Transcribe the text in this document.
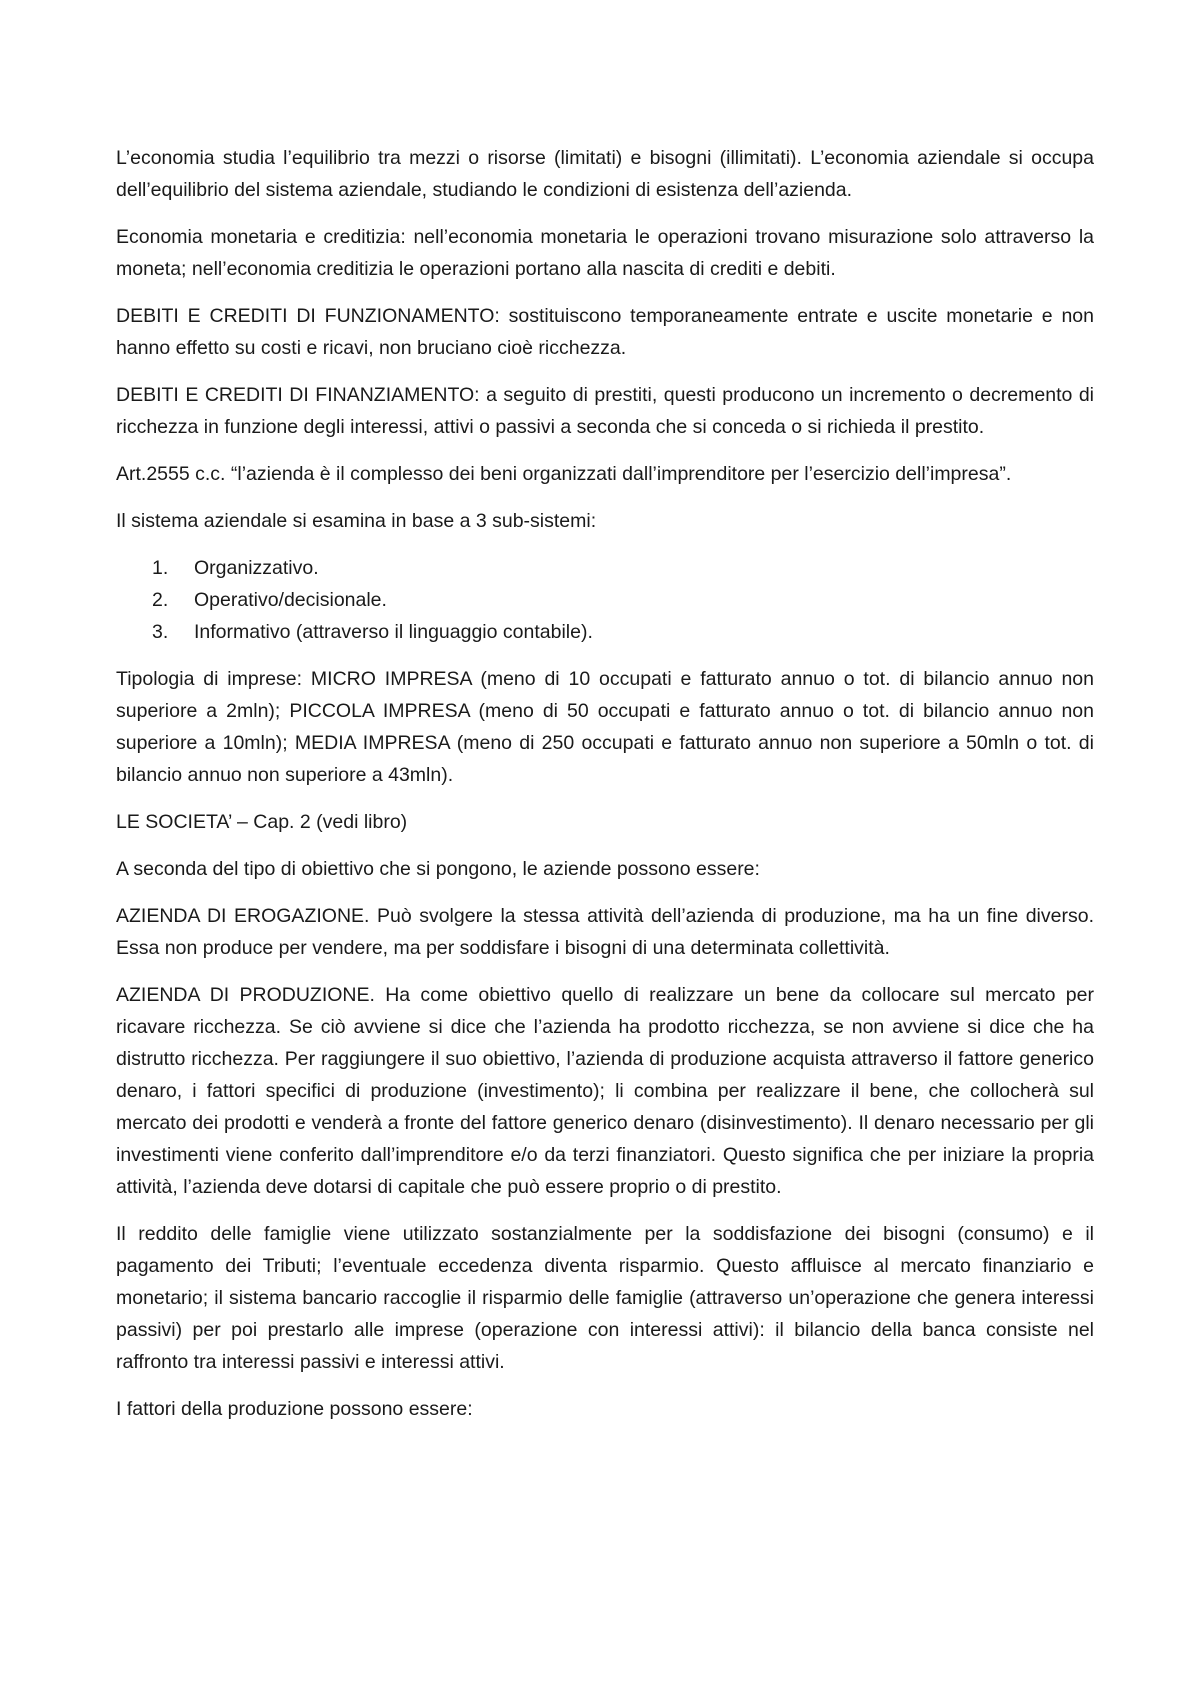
L’economia studia l’equilibrio tra mezzi o risorse (limitati) e bisogni (illimitati). L’economia aziendale si occupa dell’equilibrio del sistema aziendale, studiando le condizioni di esistenza dell’azienda.

Economia monetaria e creditizia: nell’economia monetaria le operazioni trovano misurazione solo attraverso la moneta; nell’economia creditizia le operazioni portano alla nascita di crediti e debiti.

DEBITI E CREDITI DI FUNZIONAMENTO: sostituiscono temporaneamente entrate e uscite monetarie e non hanno effetto su costi e ricavi, non bruciano cioè ricchezza.

DEBITI E CREDITI DI FINANZIAMENTO: a seguito di prestiti, questi producono un incremento o decremento di ricchezza in funzione degli interessi, attivi o passivi a seconda che si conceda o si richieda il prestito.

Art.2555 c.c. “l’azienda è il complesso dei beni organizzati dall’imprenditore per l’esercizio dell’impresa”.

Il sistema aziendale si esamina in base a 3 sub-sistemi:

1.	Organizzativo.
2.	Operativo/decisionale.
3.	Informativo (attraverso il linguaggio contabile).

Tipologia di imprese: MICRO IMPRESA (meno di 10 occupati e fatturato annuo o tot. di bilancio annuo non superiore a 2mln); PICCOLA IMPRESA (meno di 50 occupati e fatturato annuo o tot. di bilancio annuo non superiore a 10mln); MEDIA IMPRESA (meno di 250 occupati e fatturato annuo non superiore a 50mln o tot. di bilancio annuo non superiore a 43mln).

LE SOCIETA’ – Cap. 2 (vedi libro)

A seconda del tipo di obiettivo che si pongono, le aziende possono essere:

AZIENDA DI EROGAZIONE. Può svolgere la stessa attività dell’azienda di produzione, ma ha un fine diverso. Essa non produce per vendere, ma per soddisfare i bisogni di una determinata collettività.

AZIENDA DI PRODUZIONE. Ha come obiettivo quello di realizzare un bene da collocare sul mercato per ricavare ricchezza. Se ciò avviene si dice che l’azienda ha prodotto ricchezza, se non avviene si dice che ha distrutto ricchezza. Per raggiungere il suo obiettivo, l’azienda di produzione acquista attraverso il fattore generico denaro, i fattori specifici di produzione (investimento); li combina per realizzare il bene, che collocherà sul mercato dei prodotti e venderà a fronte del fattore generico denaro (disinvestimento). Il denaro necessario per gli investimenti viene conferito dall’imprenditore e/o da terzi finanziatori. Questo significa che per iniziare la propria attività, l’azienda deve dotarsi di capitale che può essere proprio o di prestito.

Il reddito delle famiglie viene utilizzato sostanzialmente per la soddisfazione dei bisogni (consumo) e il pagamento dei Tributi; l’eventuale eccedenza diventa risparmio. Questo affluisce al mercato finanziario e monetario; il sistema bancario raccoglie il risparmio delle famiglie (attraverso un’operazione che genera interessi passivi) per poi prestarlo alle imprese (operazione con interessi attivi): il bilancio della banca consiste nel raffronto tra interessi passivi e interessi attivi.

I fattori della produzione possono essere:
